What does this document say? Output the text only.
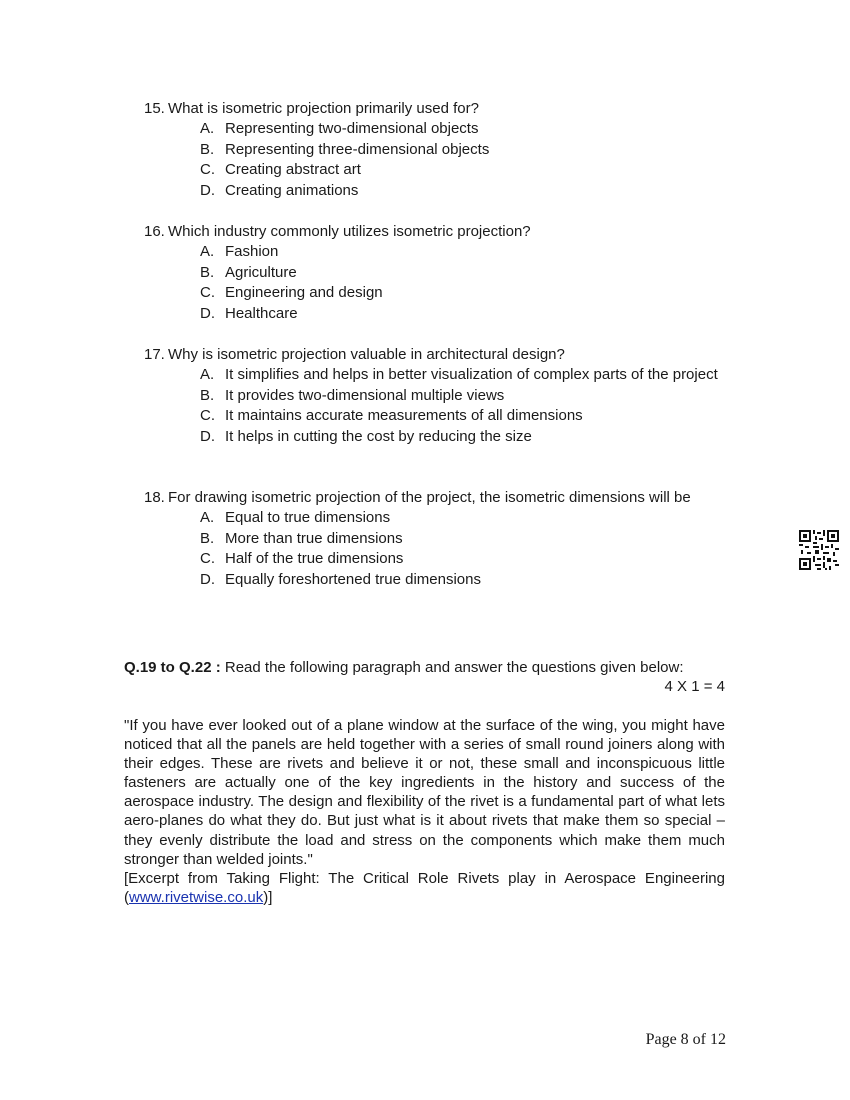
15. What is isometric projection primarily used for?
A. Representing two-dimensional objects
B. Representing three-dimensional objects
C. Creating abstract art
D. Creating animations
16. Which industry commonly utilizes isometric projection?
A. Fashion
B. Agriculture
C. Engineering and design
D. Healthcare
17. Why is isometric projection valuable in architectural design?
A. It simplifies and helps in better visualization of complex parts of the project
B. It provides two-dimensional multiple views
C. It maintains accurate measurements of all dimensions
D. It helps in cutting the cost by reducing the size
18. For drawing isometric projection of the project, the isometric dimensions will be
A. Equal to true dimensions
B. More than true dimensions
C. Half of the true dimensions
D. Equally foreshortened true dimensions
Q.19 to Q.22 : Read the following paragraph and answer the questions given below:
4 X 1 = 4

"If you have ever looked out of a plane window at the surface of the wing, you might have noticed that all the panels are held together with a series of small round joiners along with their edges. These are rivets and believe it or not, these small and inconspicuous little fasteners are actually one of the key ingredients in the history and success of the aerospace industry. The design and flexibility of the rivet is a fundamental part of what lets aero-planes do what they do. But just what is it about rivets that make them so special – they evenly distribute the load and stress on the components which make them much stronger than welded joints."

[Excerpt from Taking Flight: The Critical Role Rivets play in Aerospace Engineering (www.rivetwise.co.uk)]

Page 8 of 12
